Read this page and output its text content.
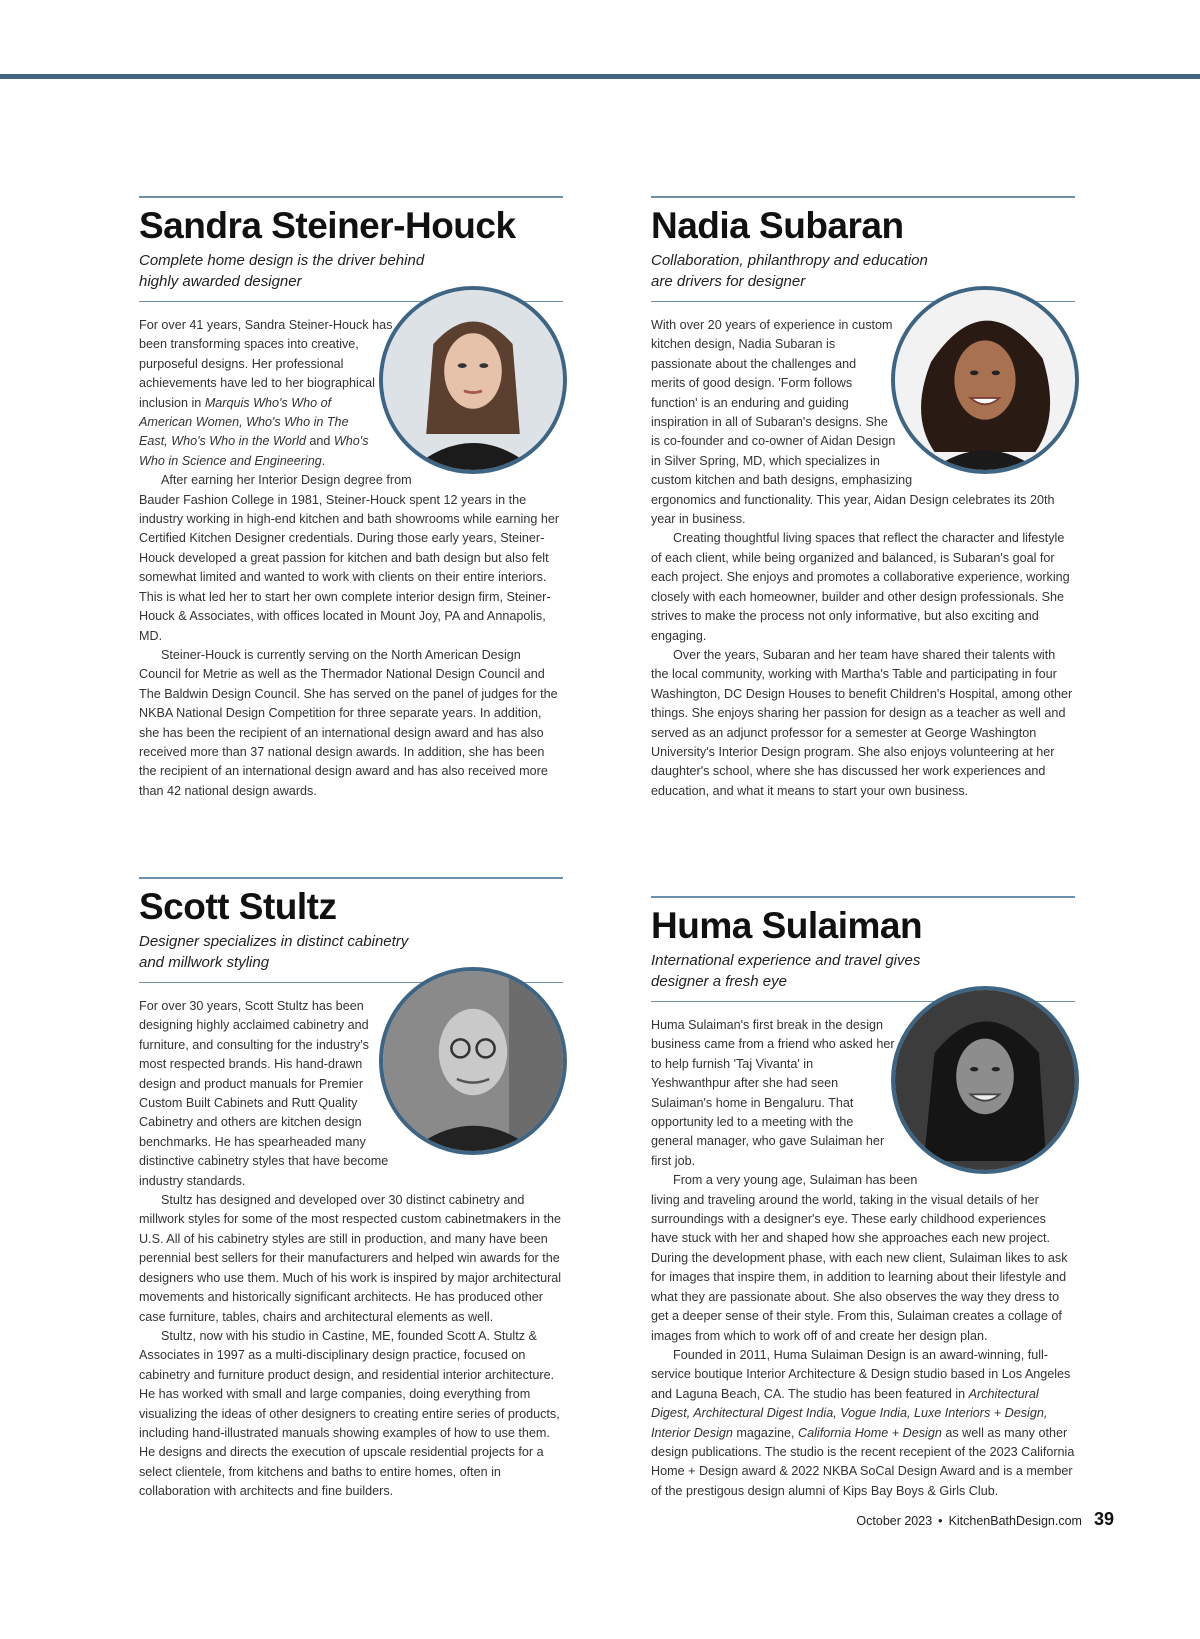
Sandra Steiner-Houck

Complete home design is the driver behind
highly awarded designer

For over 41 years, Sandra Steiner-Houck has been transforming spaces into creative, purposeful designs. Her professional achievements have led to her biographical inclusion in Marquis Who's Who of American Women, Who's Who in The East, Who's Who in the World and Who's Who in Science and Engineering.

After earning her Interior Design degree from Bauder Fashion College in 1981, Steiner-Houck spent 12 years in the industry working in high-end kitchen and bath showrooms while earning her Certified Kitchen Designer credentials. During those early years, Steiner-Houck developed a great passion for kitchen and bath design but also felt somewhat limited and wanted to work with clients on their entire interiors. This is what led her to start her own complete interior design firm, Steiner-Houck & Associates, with offices located in Mount Joy, PA and Annapolis, MD.

Steiner-Houck is currently serving on the North American Design Council for Metrie as well as the Thermador National Design Council and The Baldwin Design Council. She has served on the panel of judges for the NKBA National Design Competition for three separate years. In addition, she has been the recipient of an international design award and has also received more than 37 national design awards. In addition, she has been the recipient of an international design award and has also received more than 42 national design awards.

Nadia Subaran

Collaboration, philanthropy and education
are drivers for designer

With over 20 years of experience in custom kitchen design, Nadia Subaran is passionate about the challenges and merits of good design. 'Form follows function' is an enduring and guiding inspiration in all of Subaran's designs. She is co-founder and co-owner of Aidan Design in Silver Spring, MD, which specializes in custom kitchen and bath designs, emphasizing ergonomics and functionality. This year, Aidan Design celebrates its 20th year in business.

Creating thoughtful living spaces that reflect the character and lifestyle of each client, while being organized and balanced, is Subaran's goal for each project. She enjoys and promotes a collaborative experience, working closely with each homeowner, builder and other design professionals. She strives to make the process not only informative, but also exciting and engaging.

Over the years, Subaran and her team have shared their talents with the local community, working with Martha's Table and participating in four Washington, DC Design Houses to benefit Children's Hospital, among other things. She enjoys sharing her passion for design as a teacher as well and served as an adjunct professor for a semester at George Washington University's Interior Design program. She also enjoys volunteering at her daughter's school, where she has discussed her work experiences and education, and what it means to start your own business.

Scott Stultz

Designer specializes in distinct cabinetry
and millwork styling

For over 30 years, Scott Stultz has been designing highly acclaimed cabinetry and furniture, and consulting for the industry's most respected brands. His hand-drawn design and product manuals for Premier Custom Built Cabinets and Rutt Quality Cabinetry and others are kitchen design benchmarks. He has spearheaded many distinctive cabinetry styles that have become industry standards.

Stultz has designed and developed over 30 distinct cabinetry and millwork styles for some of the most respected custom cabinetmakers in the U.S. All of his cabinetry styles are still in production, and many have been perennial best sellers for their manufacturers and helped win awards for the designers who use them. Much of his work is inspired by major architectural movements and historically significant architects. He has produced other case furniture, tables, chairs and architectural elements as well.

Stultz, now with his studio in Castine, ME, founded Scott A. Stultz & Associates in 1997 as a multi-disciplinary design practice, focused on cabinetry and furniture product design, and residential interior architecture. He has worked with small and large companies, doing everything from visualizing the ideas of other designers to creating entire series of products, including hand-illustrated manuals showing examples of how to use them. He designs and directs the execution of upscale residential projects for a select clientele, from kitchens and baths to entire homes, often in collaboration with architects and fine builders.

Huma Sulaiman

International experience and travel gives
designer a fresh eye

Huma Sulaiman's first break in the design business came from a friend who asked her to help furnish 'Taj Vivanta' in Yeshwanthpur after she had seen Sulaiman's home in Bengaluru. That opportunity led to a meeting with the general manager, who gave Sulaiman her first job.

From a very young age, Sulaiman has been living and traveling around the world, taking in the visual details of her surroundings with a designer's eye. These early childhood experiences have stuck with her and shaped how she approaches each new project. During the development phase, with each new client, Sulaiman likes to ask for images that inspire them, in addition to learning about their lifestyle and what they are passionate about. She also observes the way they dress to get a deeper sense of their style. From this, Sulaiman creates a collage of images from which to work off of and create her design plan.

Founded in 2011, Huma Sulaiman Design is an award-winning, full-service boutique Interior Architecture & Design studio based in Los Angeles and Laguna Beach, CA. The studio has been featured in Architectural Digest, Architectural Digest India, Vogue India, Luxe Interiors + Design, Interior Design magazine, California Home + Design as well as many other design publications. The studio is the recent recepient of the 2023 California Home + Design award & 2022 NKBA SoCal Design Award and is a member of the prestigous design alumni of Kips Bay Boys & Girls Club.

October 2023 • KitchenBathDesign.com 39
